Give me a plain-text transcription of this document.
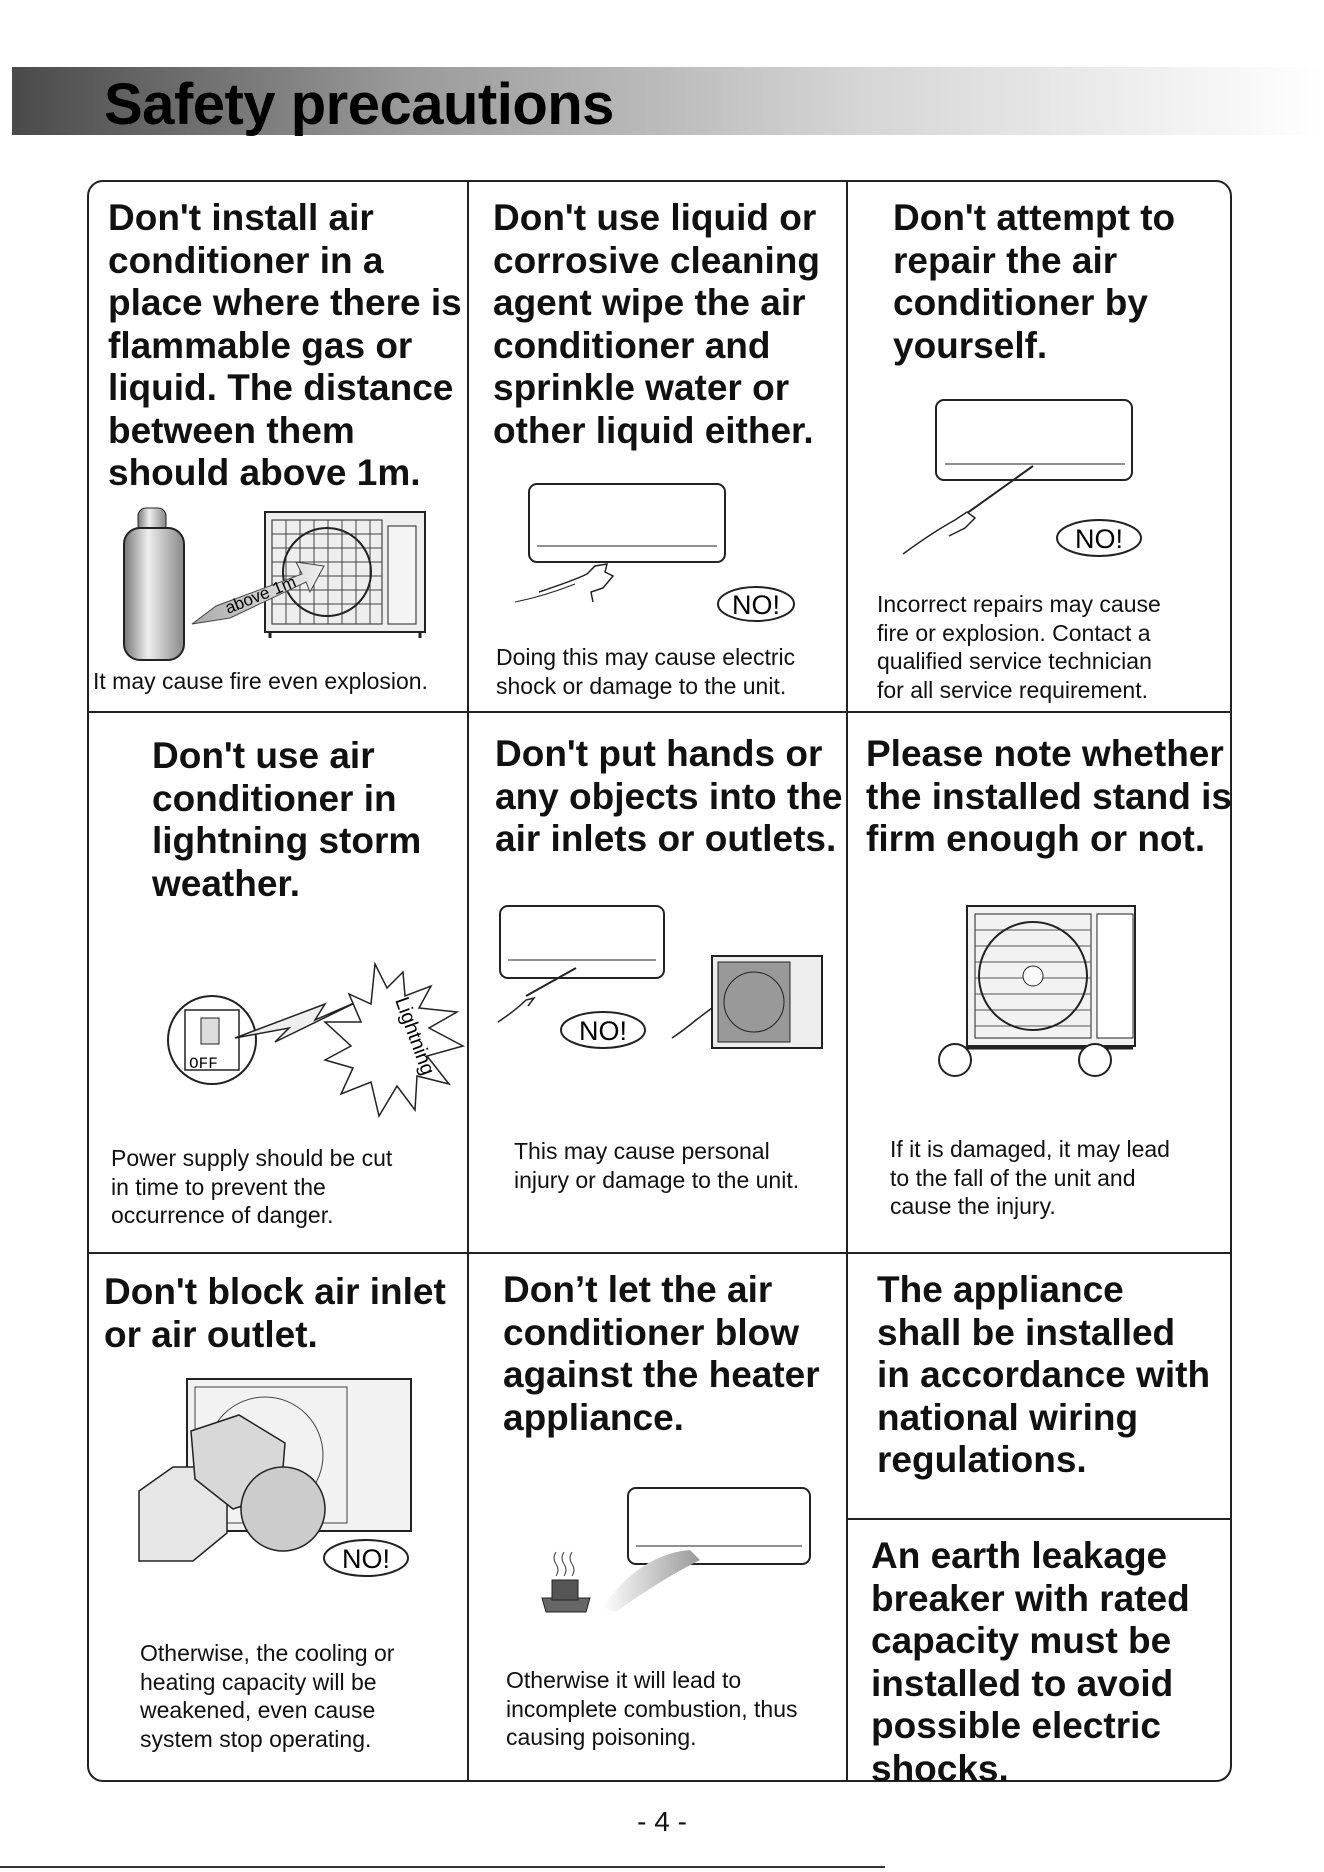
Safety precautions
Don't install air
conditioner in a
place where there is
flammable gas or
liquid. The distance
between them
should above 1m.
above 1m
It may cause fire even explosion.
Don't use liquid or
corrosive cleaning
agent wipe the air
conditioner and
sprinkle water or
other liquid either.
NO!
Doing this may cause electric
shock or damage to the unit.
Don't attempt to
repair the air
conditioner by
yourself.
NO!
Incorrect repairs may cause
fire or explosion. Contact a
qualified service technician
for all service requirement.
Don't use air
conditioner in
lightning storm
weather.
OFF	Lightning
Power supply should be cut
in time to prevent the
occurrence of danger.
Don't put hands or
any objects into the
air inlets or outlets.
NO!
This may cause personal
injury or damage to the unit.
Please note whether
the installed stand is
firm enough or not.
If it is damaged, it may lead
to the fall of the unit and
cause the injury.
Don't block air inlet
or air outlet.
NO!
Otherwise, the cooling or
heating capacity will be
weakened, even cause
system stop operating.
Don’t let the air
conditioner blow
against the heater
appliance.
Otherwise it will lead to
incomplete combustion, thus
causing poisoning.
The appliance
shall be installed
in accordance with
national wiring
regulations.
An earth leakage
breaker with rated
capacity must be
installed to avoid
possible electric
shocks.
- 4 -
